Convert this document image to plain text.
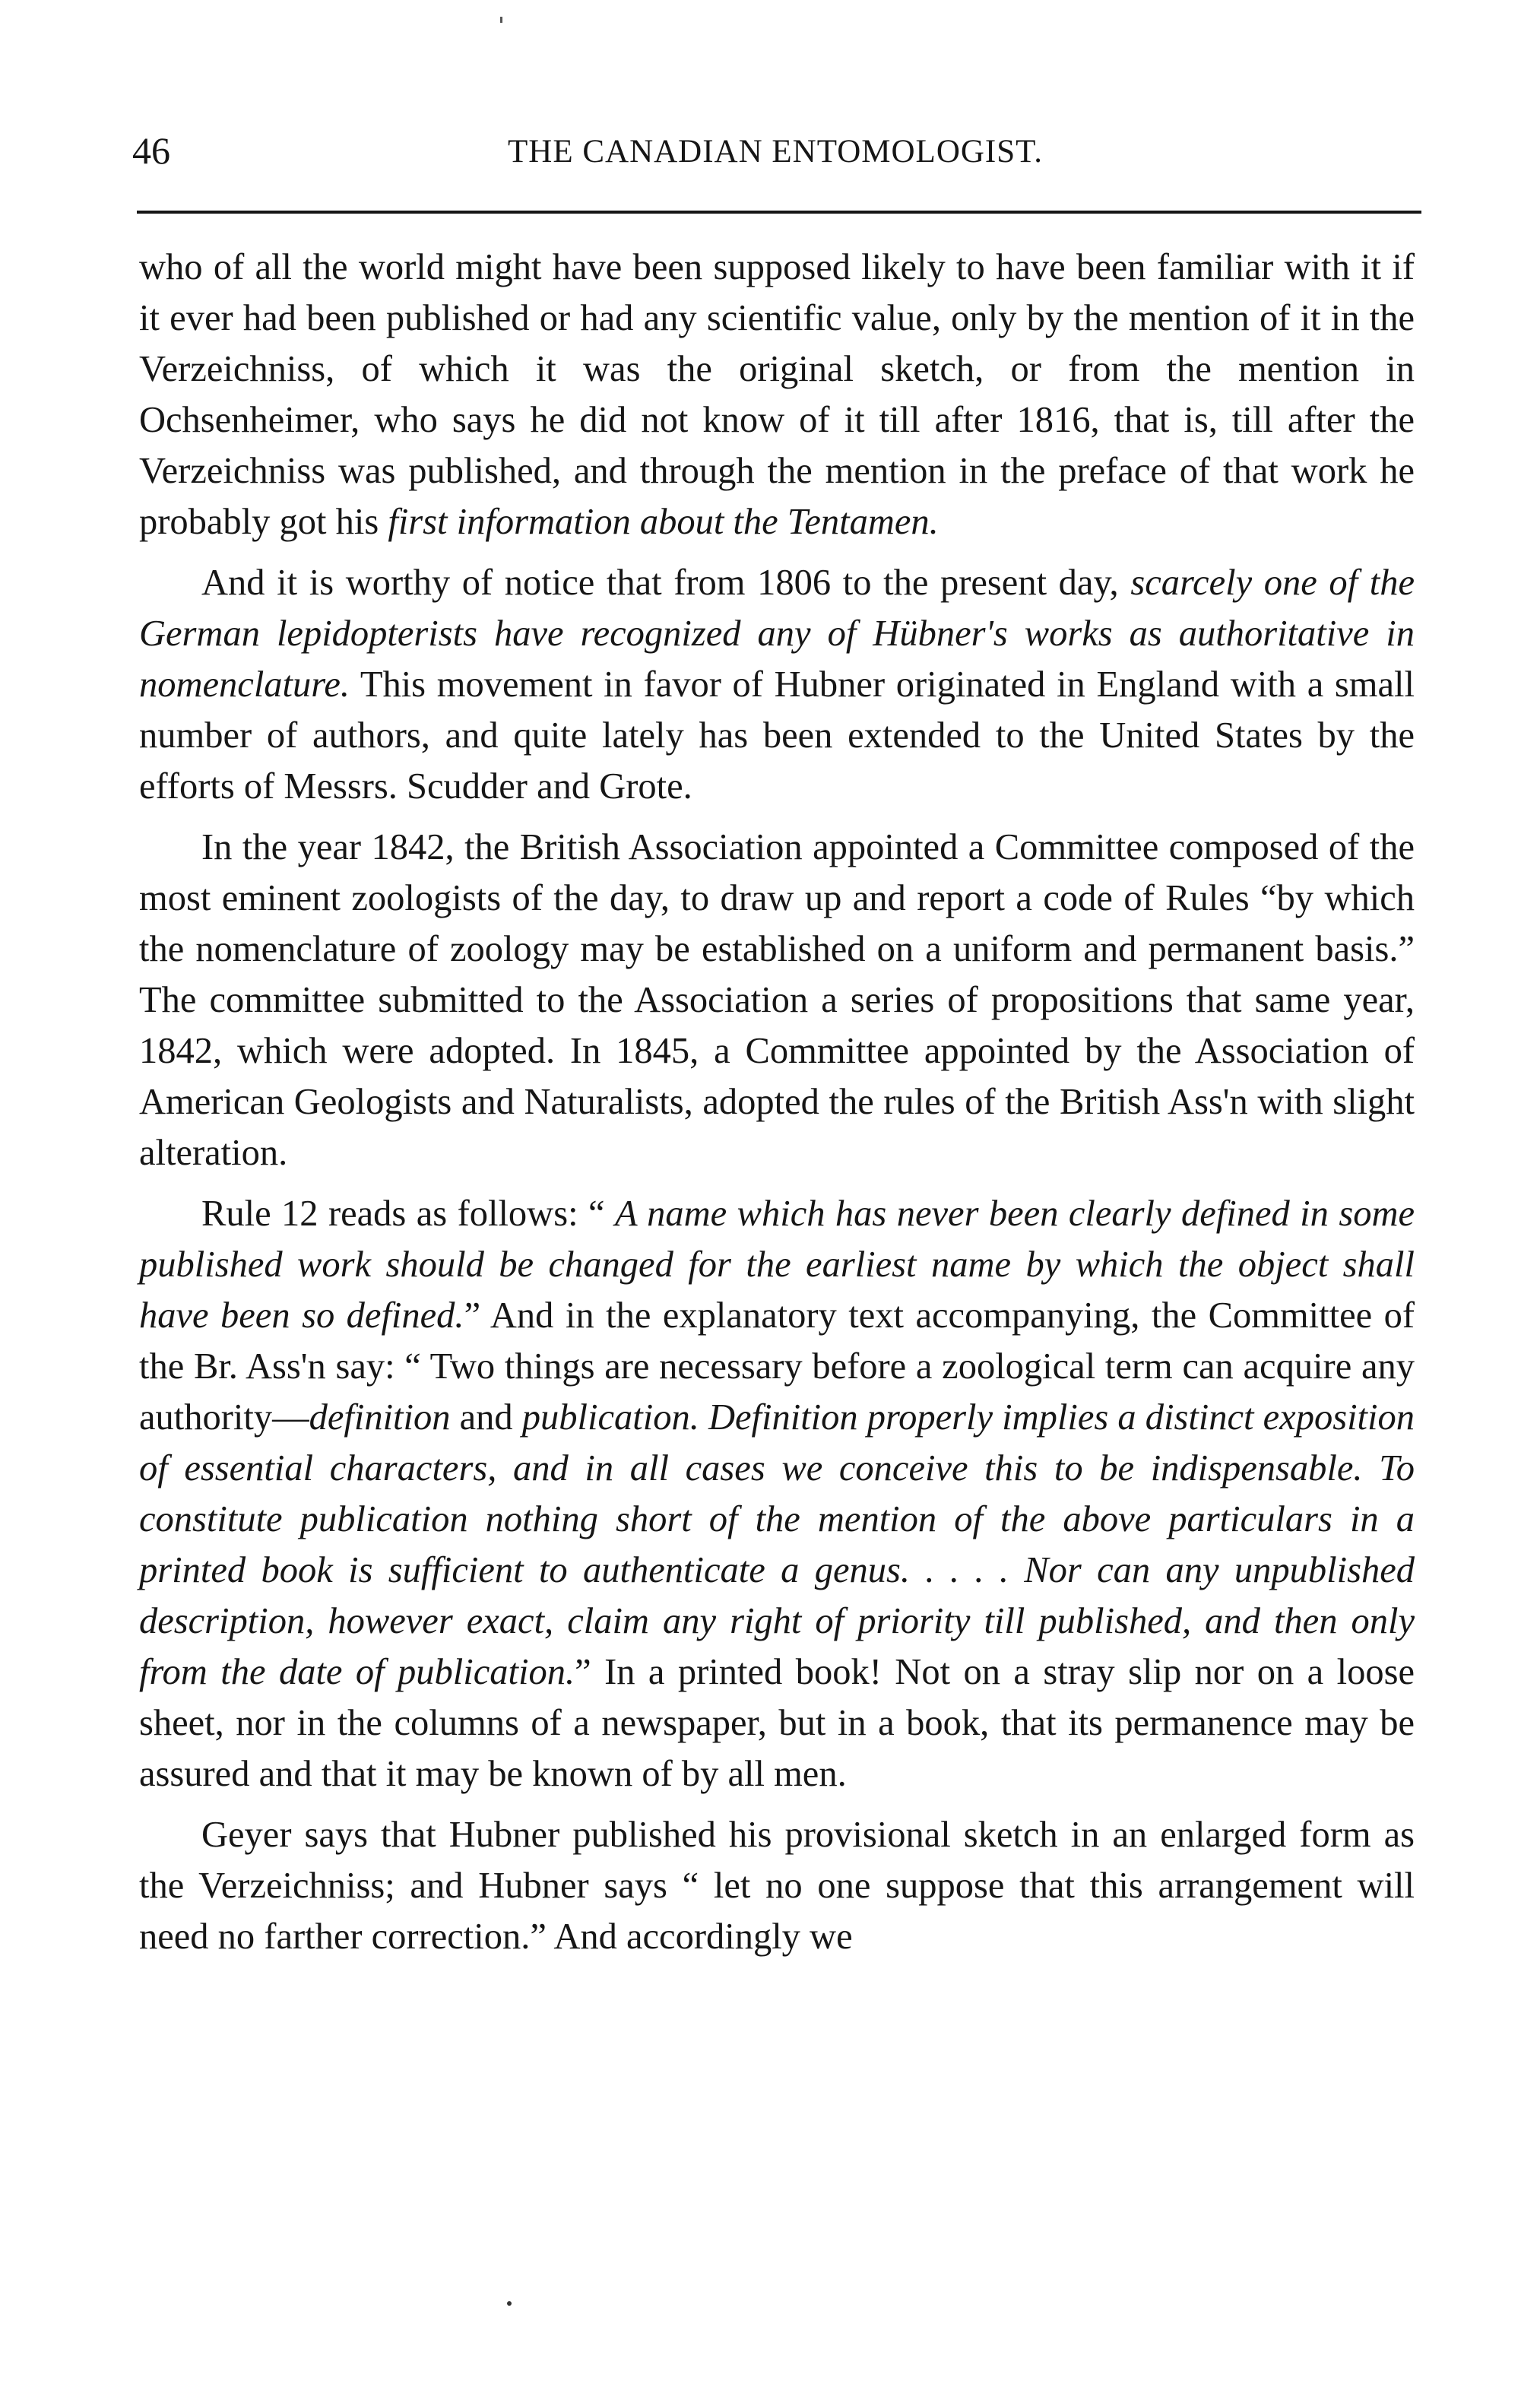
46	THE CANADIAN ENTOMOLOGIST.

who of all the world might have been supposed likely to have been familiar with it if it ever had been published or had any scientific value, only by the mention of it in the Verzeichniss, of which it was the original sketch, or from the mention in Ochsenheimer, who says he did not know of it till after 1816, that is, till after the Verzeichniss was published, and through the mention in the preface of that work he probably got his first information about the Tentamen.

And it is worthy of notice that from 1806 to the present day, scarcely one of the German lepidopterists have recognized any of Hübner's works as authoritative in nomenclature. This movement in favor of Hubner originated in England with a small number of authors, and quite lately has been extended to the United States by the efforts of Messrs. Scudder and Grote.

In the year 1842, the British Association appointed a Committee composed of the most eminent zoologists of the day, to draw up and report a code of Rules “by which the nomenclature of zoology may be established on a uniform and permanent basis.” The committee submitted to the Association a series of propositions that same year, 1842, which were adopted. In 1845, a Committee appointed by the Association of American Geologists and Naturalists, adopted the rules of the British Ass'n with slight alteration.

Rule 12 reads as follows: “ A name which has never been clearly defined in some published work should be changed for the earliest name by which the object shall have been so defined.” And in the explanatory text accompanying, the Committee of the Br. Ass'n say: “ Two things are necessary before a zoological term can acquire any authority—definition and publication. Definition properly implies a distinct exposition of essential characters, and in all cases we conceive this to be indispensable. To constitute publication nothing short of the mention of the above particulars in a printed book is sufficient to authenticate a genus. . . . . Nor can any unpublished description, however exact, claim any right of priority till published, and then only from the date of publication.” In a printed book! Not on a stray slip nor on a loose sheet, nor in the columns of a newspaper, but in a book, that its permanence may be assured and that it may be known of by all men.

Geyer says that Hubner published his provisional sketch in an enlarged form as the Verzeichniss; and Hubner says “ let no one suppose that this arrangement will need no farther correction.” And accordingly we
